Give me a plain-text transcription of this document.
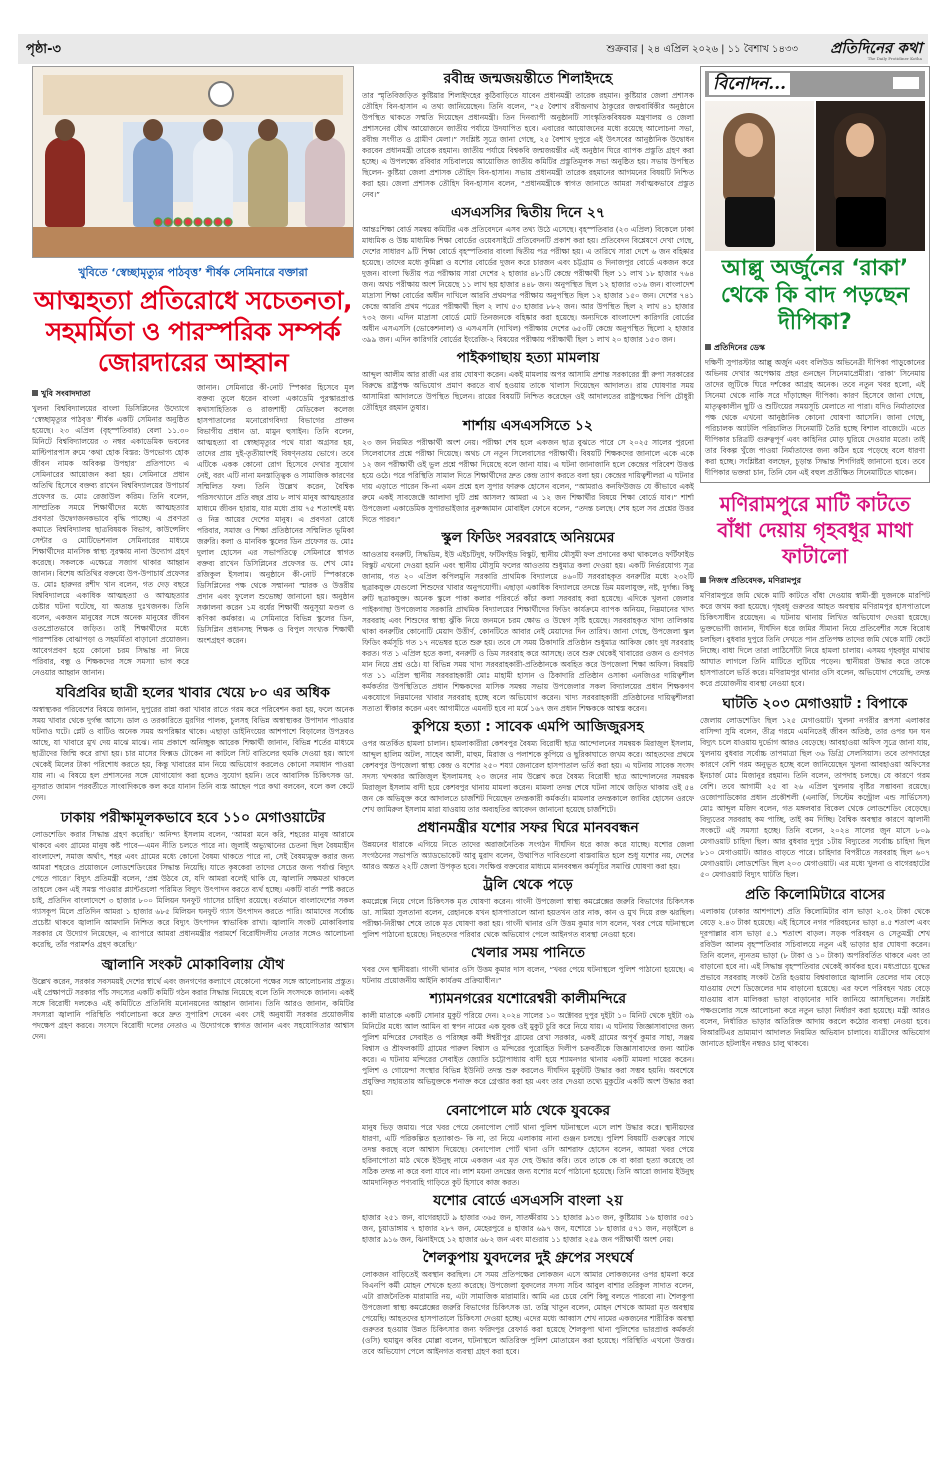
পৃষ্ঠা-৩	শুক্রবার | ২৪ এপ্রিল ২০২৬ | ১১ বৈশাখ ১৪৩৩ প্রতিদিনের কথা
The Daily Protidiner Kotha
খুবিতে ‘স্বেচ্ছামৃত্যুর পাঠবৃত্ত’ শীর্ষক সেমিনারে বক্তারা
আত্মহত্যা প্রতিরোধে সচেতনতা, সহমর্মিতা ও পারস্পরিক সম্পর্ক জোরদারের আহ্বান
খুবি সংবাদদাতা

খুলনা বিশ্ববিদ্যালয়ের বাংলা ডিসিপ্লিনের উদ্যোগে ‘স্বেচ্ছামৃত্যুর পাঠবৃত্ত’ শীর্ষক একটি সেমিনার অনুষ্ঠিত হয়েছে। ২৩ এপ্রিল (বৃহস্পতিবার) বেলা ১১.৩০ মিনিটে বিশ্ববিদ্যালয়ের ৩ নম্বর একাডেমিক ভবনের মাল্টিপারপাস রুমে ‘কথা হোক বিস্তর: উপভোগ্য হোক জীবন নামক অবিকল্প উপহার’ প্রতিপাদ্যে এ সেমিনারের আয়োজন করা হয়। সেমিনারে প্রধান অতিথি হিসেবে বক্তব্য রাখেন বিশ্ববিদ্যালয়ের উপাচার্য প্রফেসর ড. মোঃ রেজাউল করিম। তিনি বলেন, সাম্প্রতিক সময়ে শিক্ষার্থীদের মধ্যে আত্মহত্যার প্রবণতা উদ্বেগজনকভাবে বৃদ্ধি পাচ্ছে। এ প্রবণতা কমাতে বিশ্ববিদ্যালয় ছাত্রবিষয়ক বিভাগ, কাউন্সেলিং সেন্টার ও মোটিভেশনাল সেমিনারের মাধ্যমে শিক্ষার্থীদের মানসিক স্বাস্থ্য সুরক্ষায় নানা উদ্যোগ গ্রহণ করেছে। সকলকে এক্ষেত্রে সজাগ থাকার আহ্বান জানান। বিশেষ অতিথির বক্তব্যে উপ-উপাচার্য প্রফেসর ড. মোঃ হারুনর রশীদ খান বলেন, গত দেড় বছরে বিশ্ববিদ্যালয়ে একাধিক আত্মহত্যা ও আত্মহত্যার চেষ্টার ঘটনা ঘটেছে, যা অত্যন্ত দুঃখজনক। তিনি বলেন, একজন মানুষের সঙ্গে অনেক মানুষের জীবন ওতপ্রোতভাবে জড়িত। তাই শিক্ষার্থীদের মধ্যে পারস্পরিক বোঝাপড়া ও সহমর্মিতা বাড়ানো প্রয়োজন। আবেগপ্রবণ হয়ে কোনো চরম সিদ্ধান্ত না নিয়ে পরিবার, বন্ধু ও শিক্ষকদের সঙ্গে সমস্যা ভাগ করে নেওয়ার আহ্বান জানান।

জানান। সেমিনারে কী-নোট স্পিকার হিসেবে মূল বক্তব্য তুলে ধরেন বাংলা একাডেমি পুরস্কারপ্রাপ্ত কথাসাহিত্যিক ও রাজশাহী মেডিকেল কলেজ হাসপাতালের মনোরোগবিদ্যা বিভাগের প্রাক্তন বিভাগীয় প্রধান ডা. মামুন হুসাইন। তিনি বলেন, আত্মহত্যা বা স্বেচ্ছামৃত্যুর পথে যারা অগ্রসর হয়, তাদের প্রায় দুই-তৃতীয়াংশই বিষণ্নতায় ভোগে। তবে এটিকে একক কোনো রোগ হিসেবে দেখার সুযোগ নেই, বরং এটি নানা মনস্তাত্ত্বিক ও সামাজিক কারণের সম্মিলিত ফল। তিনি উল্লেখ করেন, বৈশ্বিক পরিসংখ্যানে প্রতি বছর প্রায় ৮ লাখ মানুষ আত্মহত্যার মাধ্যমে জীবন হারায়, যার মধ্যে প্রায় ৭৫ শতাংশই মধ্য ও নিম্ন আয়ের দেশের মানুষ। এ প্রবণতা রোধে পরিবার, সমাজ ও শিক্ষা প্রতিষ্ঠানের সম্মিলিত ভূমিকা জরুরি। কলা ও মানবিক স্কুলের ডিন প্রফেসর ড. মোঃ দুলাল হোসেন এর সভাপতিত্বে সেমিনারে স্বাগত বক্তব্য রাখেন ডিসিপ্লিনের প্রফেসর ড. শেখ মোঃ রজিকুল ইসলাম। অনুষ্ঠানে কী-নোট স্পিকারকে ডিসিপ্লিনের পক্ষ থেকে সম্মাননা স্মারক ও উত্তরীয় প্রদান এবং ফুলেল শুভেচ্ছা জানানো হয়। অনুষ্ঠান সঞ্চালনা করেন ১ম বর্ষের শিক্ষার্থী অনুসূয়া মণ্ডল ও কণিকা কর্মকার। এ সেমিনারে বিভিন্ন স্কুলের ডিন, ডিসিপ্লিন প্রধানসহ শিক্ষক ও বিপুল সংখ্যক শিক্ষার্থী অংশগ্রহণ করেন।

যবিপ্রবির ছাত্রী হলের খাবার খেয়ে ৮০ এর অধিক

অস্বাস্থ্যকর পরিবেশের বিষয়ে জানান, দুপুরের রান্না করা খাবার রাতে গরম করে পরিবেশন করা হয়, ফলে অনেক সময় খাবার থেকে দুর্গন্ধ আসে। ডাল ও তরকারিতে মুরগির পালক, চুলসহ বিভিন্ন অস্বাস্থ্যকর উপাদান পাওয়ার ঘটনাও ঘটে। প্লেট ও বাটিও অনেক সময় অপরিষ্কার থাকে। এছাড়া ডাইনিংয়ের আশপাশে বিড়ালের উপদ্রবও আছে, যা খাবারে মুখ দেয় মাঝে মাঝে। নাম প্রকাশে অনিচ্ছুক আরেক শিক্ষার্থী জানান, বিভিন্ন শর্তের মাধ্যমে ছাত্রীদের জিম্মি করে রাখা হয়। চার মাসের ফিক্সড টোকেন না কাটলে সিট বাতিলের হুমকি দেওয়া হয়। আগে থেকেই মিলের টাকা পরিশোধ করতে হয়, কিন্তু খাবারের মান নিয়ে অভিযোগ করলেও কোনো সমাধান পাওয়া যায় না। এ বিষয়ে হল প্রশাসনের সঙ্গে যোগাযোগ করা হলেও সুযোগ হয়নি। তবে আবাসিক চিকিৎসক ডা. নুসরাত জামান পরবর্তীতে সাংবাদিককে কল করে যানান তিনি ব্যস্ত আছেন পরে কথা বলবেন, বলে কল কেটে দেন।

ঢাকায় পরীক্ষামূলকভাবে হবে ১১০ মেগাওয়াটের

লোডশেডিং করার সিদ্ধান্ত গ্রহণ করেছি।’ অনিন্দ্য ইসলাম বলেন, ‘আমরা মনে করি, শহরের মানুষ আরামে থাকবে এবং গ্রামের মানুষ কষ্ট পাবে—এমন নীতি চলতে পারে না। জুলাই অভ্যুত্থানের চেতনা ছিল বৈষম্যহীন বাংলাদেশ, সমাজ অর্থাৎ, শহর এবং গ্রামের মধ্যে কোনো বৈষম্য থাকতে পারে না, সেই বৈষম্যমুক্ত করার জন্য আমরা শহরেও প্রয়োজনে লোডশেডিংয়ের সিদ্ধান্ত নিয়েছি। যাতে কৃষকেরা তাদের সেচের জন্য পর্যাপ্ত বিদ্যুৎ পেতে পারে।’ বিদ্যুৎ প্রতিমন্ত্রী বলেন, ‘প্রশ্ন উঠবে যে, যদি আমরা বলেই থাকি যে, জ্বালানি সক্ষমতা থাকলে তাহলে কেন এই সমস্ত পাওয়ার প্ল্যান্টগুলো পরিমিত বিদ্যুৎ উৎপাদন করতে ব্যর্থ হচ্ছে। একটি বার্তা স্পষ্ট করতে চাই, প্রতিদিন বাংলাদেশে ৩ হাজার ৮০০ মিলিয়ন ঘনফুট গ্যাসের চাহিদা রয়েছে। বর্তমানে বাংলাদেশের সকল গ্যাসকূপ মিলে প্রতিদিন আমরা ১ হাজার ৬৮৫ মিলিয়ন ঘনফুট গ্যাস উৎপাদন করতে পারি। আমাদের সর্বোচ্চ প্রচেষ্টা থাকবে জ্বালানি আমদানি নিশ্চিত করে বিদ্যুৎ উৎপাদন স্বাভাবিক রাখা। জ্বালানি সংকট মোকাবিলায় সরকার যে উদ্যোগ নিয়েছেন, এ ব্যাপারে আমরা প্রধানমন্ত্রীর পরামর্শে বিরোধীদলীয় নেতার সঙ্গেও আলোচনা করেছি, তাঁর পরামর্শও গ্রহণ করেছি।’

জ্বালানি সংকট মোকাবিলায় যৌথ

উল্লেখ করেন, সরকার সবসময়ই দেশের স্বার্থে এবং জনগণের কল্যাণে যেকোনো পক্ষের সঙ্গে আলোচনায় প্রস্তুত। এই প্রেক্ষাপটে সরকার পাঁচ সদস্যের একটি কমিটি গঠন করার সিদ্ধান্ত নিয়েছে বলে তিনি সংসদকে জানান। একই সঙ্গে বিরোধী দলকেও এই কমিটিতে প্রতিনিধি মনোনয়নের আহ্বান জানান। তিনি আরও জানান, কমিটির সদস্যরা জ্বালানি পরিস্থিতি পর্যালোচনা করে দ্রুত সুপারিশ দেবেন এবং সেই অনুযায়ী সরকার প্রয়োজনীয় পদক্ষেপ গ্রহণ করবে। সংসদে বিরোধী দলের নেতাও এ উদ্যোগকে স্বাগত জানান এবং সহযোগিতার আশ্বাস দেন।

রবীন্দ্র জন্মজয়ন্তীতে শিলাইদহে

তার স্মৃতিবিজড়িত কুষ্টিয়ার শিলাইদহের কুঠিবাড়িতে যাবেন প্রধানমন্ত্রী তারেক রহমান। কুষ্টিয়ার জেলা প্রশাসক তৌহিদ বিন-হাসান এ তথ্য জানিয়েছেন। তিনি বলেন, “২৫ বৈশাখ রবীন্দ্রনাথ ঠাকুরের জন্মবার্ষিকীর অনুষ্ঠানে উপস্থিত থাকতে সম্মতি দিয়েছেন প্রধানমন্ত্রী। তিন দিনব্যাপী অনুষ্ঠানটি সাংস্কৃতিকবিষয়ক মন্ত্রণালয় ও জেলা প্রশাসনের যৌথ আয়োজনে জাতীয় পর্যায়ে উদযাপিত হবে। এবারের আয়োজনের মধ্যে রয়েছে আলোচনা সভা, রবীন্দ্র সংগীত ও গ্রামীণ মেলা।” সংশ্লিষ্ট সূত্রে জানা গেছে, ২৫ বৈশাখ দুপুরে এই উৎসবের আনুষ্ঠানিক উদ্বোধন করবেন প্রধানমন্ত্রী তারেক রহমান। জাতীয় পর্যায়ে বিশ্বকবি জন্মজয়ন্তীর এই অনুষ্ঠান ঘিরে ব্যাপক প্রস্তুতি গ্রহণ করা হচ্ছে। এ উপলক্ষ্যে রবিবার সচিবালয়ে আয়োজিত জাতীয় কমিটির প্রস্তুতিমূলক সভা অনুষ্ঠিত হয়। সভায় উপস্থিত ছিলেন- কুষ্টিয়া জেলা প্রশাসক তৌহিদ বিন-হাসান। সভায় প্রধানমন্ত্রী তারেক রহমানের আগমনের বিষয়টি নিশ্চিত করা হয়। জেলা প্রশাসক তৌহিদ বিন-হাসান বলেন, “প্রধানমন্ত্রীকে স্বাগত জানাতে আমরা সর্বাত্মকভাবে প্রস্তুত নেব।”

এসএসসির দ্বিতীয় দিনে ২৭

আন্তঃশিক্ষা বোর্ড সমন্বয় কমিটির এক প্রতিবেদনে এসব তথ্য উঠে এসেছে। বৃহস্পতিবার (২৩ এপ্রিল) বিকেলে ঢাকা মাধ্যমিক ও উচ্চ মাধ্যমিক শিক্ষা বোর্ডের ওয়েবসাইটে প্রতিবেদনটি প্রকাশ করা হয়। প্রতিবেদন বিশ্লেষণে দেখা গেছে, দেশের সাধারণ ৯টি শিক্ষা বোর্ডে বৃহস্পতিবার বাংলা দ্বিতীয় পত্র পরীক্ষা হয়। এ তারিখে সারা দেশে ৬ জন বহিষ্কার হয়েছে। তাদের মধ্যে কুমিল্লা ও যশোর বোর্ডের দুজন করে চারজন এবং চট্টগ্রাম ও দিনাজপুর বোর্ডে একজন করে দুজন। বাংলা দ্বিতীয় পত্র পরীক্ষায় সারা দেশের ২ হাজার ৪৮১টি কেন্দ্রে পরীক্ষার্থী ছিল ১১ লাখ ১৮ হাজার ৭৬৪ জন। অথচ পরীক্ষায় অংশ নিয়েছে ১১ লাখ ছয় হাজার ৪৪৮ জন। অনুপস্থিত ছিল ১২ হাজার ৩১৬ জন। বাংলাদেশ মাদ্রাসা শিক্ষা বোর্ডের অধীন দাখিলে আরবি প্রথমপত্র পরীক্ষায় অনুপস্থিত ছিল ১২ হাজার ১৫০ জন। দেশের ৭৪১ কেন্দ্রে আরবি প্রথম পত্রের পরীক্ষার্থী ছিল ২ লাখ ৫৩ হাজার ৮৮২ জন। আর উপস্থিত ছিল ২ লাখ ৪১ হাজার ৭৩২ জন। এদিন মাদ্রাসা বোর্ডে মোট তিনজনকে বহিষ্কার করা হয়েছে। অন্যদিকে বাংলাদেশ কারিগরি বোর্ডের অধীন এসএসসি (ভোকেশনাল) ও এসএসসি (দাখিল) পরীক্ষায় দেশের ৬৫৩টি কেন্দ্রে অনুপস্থিত ছিলো ২ হাজার ৩৯৯ জন। এদিন কারিগরি বোর্ডের ইংরেজি-২ বিষয়ের পরীক্ষায় পরীক্ষার্থী ছিল ১ লাখ ২০ হাজার ১৫৩ জন।

পাইকগাছায় হত্যা মামলায়

আব্দুল আলীম আর রাজী এর রায় ঘোষণা করেন। একই মামলায় অপর আসামি প্রশান্ত সরকারের স্ত্রী রুপা সরকারের বিরুদ্ধে রাষ্ট্রপক্ষ অভিযোগ প্রমাণ করতে ব্যর্থ হওয়ায় তাকে খালাস দিয়েছেন আদালত। রায় ঘোষণার সময় আসামিরা আদালতে উপস্থিত ছিলেন। রায়ের বিষয়টি নিশ্চিত করেছেন ওই আদালতের রাষ্ট্রপক্ষের পিপি চৌধুরী তৌহিদুর রহমান তুষার।

শার্শায় এসএসসিতে ১২

২৩ জন নিয়মিত পরীক্ষার্থী অংশ নেয়। পরীক্ষা শেষ হলে একজন ছাত্র বুঝতে পারে সে ২০২৫ সালের পুরনো সিলেবাসের প্রশ্নে পরীক্ষা দিয়েছে। অথচ সে নতুন সিলেবাসের পরীক্ষার্থী। বিষয়টি শিক্ষকদের জানালে একে একে ১২ জন পরীক্ষার্থী ওই ভুল প্রশ্নে পরীক্ষা দিয়েছে বলে জানা যায়। এ ঘটনা জানাজানি হলে কেন্দ্রের পরিবেশ উত্তপ্ত হয়ে ওঠে। পরে পরিস্থিতি সামাল দিতে শিক্ষার্থীদের দ্রুত কেন্দ্র ত্যাগ করতে বলা হয়। কেন্দ্রের দায়িত্বশীলরা এ ঘটনার দায় এড়াতে পারেন কি-না এমন প্রশ্নে হল সুপার ফারুক হোসেন বলেন, “আমরাও কনফিউজড যে কীভাবে একই রুমে একই সাবজেক্টে আলাদা দুটি প্রশ্ন আসল? আমরা এ ১২ জন শিক্ষার্থীর বিষয়ে শিক্ষা বোর্ডে যাব।” শার্শা উপজেলা একাডেমিক সুপারভাইজার নুরুজ্জামান মোবাইল ফোনে বলেন, “তদন্ত চলছে। শেষ হলে সব প্রশ্নের উত্তর দিতে পারব।”

স্কুল ফিডিং সরবরাহে অনিয়মের

আওতায় বনরুটি, সিদ্ধডিম, ইউ এইচটিদুধ, ফর্টিফাইড বিস্কুট, স্থানীয় মৌসুমী ফল প্রদানের কথা থাকলেও ফর্টিফাইড বিস্কুট এখনো দেওয়া হয়নি এবং স্থানীয় মৌসুমি ফলের আওতায় শুধুমাত্র কলা দেওয়া হয়। একটি নির্ভরযোগ্য সূত্র জানায়, গত ২০ এপ্রিল কপিলমুনি সরকারি প্রাথমিক বিদ্যালয়ে ৪৬০টি সরবরাহকৃত বনরুটির মধ্যে ২৩২টি ছত্রাকযুক্ত যেগুলো শিশুদের খাবার অনুপযোগী। এছাড়া একাধিক বিদ্যালয়ে তদন্তে ডিম ময়লাযুক্ত, নষ্ট, দুর্গন্ধ। কিছু রুটি ছত্রাকযুক্ত। অনেক স্কুলে পাকা কলার পরিবর্তে কাঁচা কলা সরবরাহ করা হয়েছে। এদিকে খুলনা জেলার পাইকগাছা উপজেলায় সরকারি প্রাথমিক বিদ্যালয়ের শিক্ষার্থীদের ফিডিং কার্যক্রমে ব্যাপক অনিয়ম, নিম্নমানের খাদ্য সরবরাহ এবং শিশুদের স্বাস্থ্য ঝুঁকি নিয়ে জনমনে চরম ক্ষোভ ও উদ্বেগ সৃষ্টি হয়েছে। সরবরাহকৃত খাদ্য তালিকায় থাকা বনরুটির কোনোটি মেয়াদ উত্তীর্ণ, কোনটিতে আবার নেই মেয়াদের দিন তারিখ। জানা গেছে, উপজেলা স্কুল ফিডিং কর্মসূচি গত ১৭ নভেম্বর হতে শুরু হয়। তবে সে সময় ঠিকাদারি প্রতিষ্ঠান শুধুমাত্র আকিজ কোং দুধ সরবরাহ করত। গত ১ এপ্রিল হতে কলা, বনরুটি ও ডিম সরবরাহ করে আসছে। তবে শুরু থেকেই খাবারের ওজন ও গুণগত মান নিয়ে প্রশ্ন ওঠে। যা বিভিন্ন সময় খাদ্য সরবরাহকারী-প্রতিষ্ঠানকে অবহিত করে উপজেলা শিক্ষা অফিস। বিষয়টি গত ১১ এপ্রিল স্থানীয় সরবরাহকারী মোঃ মাহামী হাসান ও ঠিকাদারি প্রতিষ্ঠান ওসাকা এনজিওর দায়িত্বশীল কর্মকর্তার উপস্থিতিতে প্রধান শিক্ষকদের মাসিক সমন্বয় সভায় উপজেলার সকল বিদ্যালয়ের প্রধান শিক্ষকগণ একযোগে নিম্নমানের খাবার সরবরাহ হচ্ছে বলে অভিযোগ করেন। খাদ্য সরবরাহকারী প্রতিষ্ঠানের দায়িত্বশীলরা সত্যতা স্বীকার করেন এবং আগামীতে এমনটি হবে না মর্মে ১৬৭ জন প্রধান শিক্ষককে আশ্বস্ত করেন।

কুপিয়ে হত্যা : সাবেক এমপি আজিজুরসহ

ওপর অতর্কিত হামলা চালান। হামলাকারীরা কেশবপুর বৈষম্য বিরোধী ছাত্র আন্দোলনের সমন্বয়ক মিরাজুল ইসলাম, আব্দুল হালিম অটল, সাহেব আলী, মাহুম, মিরাজ ও পলাশকে কুপিয়ে ও ছুরিকাঘাতে জখম করে। আহতদের প্রথমে কেশবপুর উপজেলা স্বাস্থ্য কেন্দ্র ও যশোর ২৫০ শয্যা জেনারেল হাসপাতাল ভর্তি করা হয়। এ ঘটনায় সাবেক সংসদ সদস্য খন্দকার আজিজুল ইসলামসহ ২৩ জনের নাম উল্লেখ করে বৈষম্য বিরোধী ছাত্র আন্দোলনের সমন্বয়ক মিরাজুল ইসলাম বাদী হয়ে কেশবপুর থানায় মামলা করেন। মামলা তদন্ত শেষে ঘটনা সাথে জড়িত থাকায় ওই ৫৪ জন কে অভিযুক্ত করে আদালতে চার্জশিট দিয়েছেন তদন্তকারী কর্মকর্তা। মামলার তদন্তকালে জাবির হোসেন ওরফে শেখ জামিরুল ইসলাম মারা যাওয়ায় তার অব্যহতির আবেদন জানানো হয়েছে চার্জশিটে।

প্রধানমন্ত্রীর যশোর সফর ঘিরে মানববন্ধন

উন্নয়নের ধারাকে এগিয়ে নিতে তাদের অরাজনৈতিক সংগঠন দীর্ঘদিন ধরে কাজ করে যাচ্ছে। যশোর জেলা সংগঠনের সভাপতি অ্যাডভোকেট আবু মুরাদ বলেন, উত্থাপিত দাবিগুলো বাস্তবায়িত হলে শুধু যশোর নয়, দেশের আরও অন্তত ২২টি জেলা উপকৃত হবে। সংক্ষিপ্ত বক্তব্যের মাধ্যমে মানববন্ধন কর্মসূচির সমাপ্তি ঘোষণা করা হয়।

ট্রলি থেকে পড়ে

কমপ্লেক্সে নিয়ে গেলে চিকিৎসক মৃত ঘোষণা করেন। গাংনী উপজেলা স্বাস্থ্য কমপ্লেক্সের জরুরি বিভাগের চিকিৎসক ডা. সামিয়া সুলতানা বলেন, রেহানকে যখন হাসপাতালে আনা হয়তখন তার নাক, কান ও মুখ দিয়ে রক্ত ঝরছিল। পরীক্ষা-নিরীক্ষা শেষে তাকে মৃত ঘোষণা করা হয়। গাংনী থানার ওসি উত্তম কুমার দাস বলেন, খবর পেয়ে ঘটনাস্থলে পুলিশ পাঠানো হয়েছে। নিহতদের পরিবার থেকে অভিযোগ পেলে আইনগত ব্যবস্থা নেওয়া হবে।

খেলার সময় পানিতে

খবর দেন স্থানীয়রা। গাংনী থানার ওসি উত্তম কুমার দাস বলেন, “খবর পেয়ে ঘটনাস্থলে পুলিশ পাঠানো হয়েছে। এ ঘটনায় প্রয়োজনীয় আইনি কার্যক্রম প্রক্রিয়াধীন।”

শ্যামনগরের যশোরেশ্বরী কালীমন্দিরে

কালী মাতাকে একটি সোনার মুকুট পরিয়ে দেন। ২০২৪ সালের ১০ অক্টোবর দুপুর দুইটা ১০ মিনিট থেকে দুইটা ৩৯ মিনিটের মধ্যে আল আমিন বা স্বপন নামের এক যুবক ওই মুকুট চুরি করে নিয়ে যায়। এ ঘটনায় জিজ্ঞাসাবাদের জন্য পুলিশ মন্দিরের সেবাইত ও পরিচ্ছন্ন কর্মী ঈশ্বরীপুর গ্রামের রেখা সরকার, একই গ্রামের অপূর্ব কুমার সাহা, সঞ্জয় বিশ্বাস ও শ্রীফলকাটি গ্রামের পারুল বিশ্বাস ও মন্দিরের পুরোহিত দিলীপ চক্রবর্তীকে জিজ্ঞাসাবাদের জন্য আটক করে। এ ঘটনায় মন্দিরের সেবাইত জ্যোতি চট্টোপাধ্যায় বাদী হয়ে শ্যামনগর থানায় একটি মামলা দায়ের করেন। পুলিশ ও গোয়েন্দা সংস্থার বিভিন্ন ইউনিট তদন্ত শুরু করলেও দীর্ঘদিন মুকুটটি উদ্ধার করা সম্ভব হয়নি। অবশেষে প্রযুক্তির সহায়তায় অভিযুক্তকে শনাক্ত করে গ্রেপ্তার করা হয় এবং তার দেওয়া তথ্যে মুকুটের একটি অংশ উদ্ধার করা হয়।

বেনাপোলে মাঠ থেকে যুবকের

মানুষ ভিড় জমায়। পরে খবর পেয়ে বেনাপোল পোর্ট থানা পুলিশ ঘটনাস্থলে এসে লাশ উদ্ধার করে। স্থানীয়দের ধারণা, এটি পরিকল্পিত হত্যাকাণ্ড- কি না, তা নিয়ে এলাকায় নানা গুঞ্জন চলছে। পুলিশ বিষয়টি গুরুত্বের সাথে তদন্ত করছে বলে আশ্বাস দিয়েছে। বেনাপোল পোর্ট থানা ওসি আশরাফ হোসেন বলেন, আমরা খবর পেয়ে হরিনাপোতা মাঠ থেকে ইউনুছ নামে একজন এর মৃত দেহ উদ্ধার করি। তবে তাকে কে বা কারা হত্যা করেছে তা সঠিক তদন্ত না করে বলা যাবে না। লাশ ময়না তদন্তের জন্য যশোর মর্গে পাঠানো হয়েছে। তিনি আরো জানায় ইউনুছ আমদানিকৃত পণ্যবাহি গাড়িতে কুট হিসাবে কাজ করত।

যশোর বোর্ডে এসএসসি বাংলা ২য়

হাজার ২৫১ জন, বাগেরহাটে ৯ হাজার ৩৬৫ জন, সাতক্ষীরায় ১১ হাজার ৯১৩ জন, কুষ্টিয়ায় ১৬ হাজার ৩৫১ জন, চুয়াডাঙ্গায় ৭ হাজার ২৮৭ জন, মেহেরপুরে ৪ হাজার ৬৯৭ জন, যশোরে ১৮ হাজার ৫৭১ জন, নড়াইলে ৪ হাজার ৯১৬ জন, ঝিনাইদহে ১২ হাজার ৬৮২ জন এবং মাগুরায় ১১ হাজার ২৫৯ জন পরীক্ষার্থী অংশ নেয়।

শৈলকুপায় যুবদলের দুই গ্রুপের সংঘর্ষে

লোকজন বাড়িতেই অবস্থান করছিল। সে সময় প্রতিপক্ষের লোকজন এসে আমার লোকজনের ওপর হামলা করে বিএনপি কর্মী মোহন শেখকে হত্যা করেছে। উপজেলা যুবদলের সদস্য সচিব আবুল বাশার তরিকুল সাদাত বলেন, এটা রাজনৈতিক মারামারি নয়, এটা সামাজিক মারামারি। আমি এর চেয়ে বেশি কিছু বলতে পারবো না। শৈলকুপা উপজেলা স্বাস্থ্য কমপ্লেক্সের জরুরি বিভাগের চিকিৎসক ডা. তন্ত্রি খাতুন বলেন, মোহন শেখকে আমরা মৃত অবস্থায় পেয়েছি। আহতদের হাসপাতালে চিকিৎসা দেওয়া হচ্ছে। এদের মধ্যে আব্বাস শেখ নামের একজনের শারীরিক অবস্থা গুরুতর হওয়ায় উন্নত চিকিৎসার জন্য ফরিদপুর রেফার্ড করা হয়েছে শৈলকুপা থানা পুলিশের ভারপ্রাপ্ত কর্মকর্তা (ওসি) হুমায়ুন কবির মোল্লা বলেন, ঘটনাস্থলে অতিরিক্ত পুলিশ মোতায়েন করা হয়েছে। পরিস্থিতি এখনো উত্তপ্ত। তবে অভিযোগ পেলে আইনগত ব্যবস্থা গ্রহণ করা হবে।

বিনোদন...
আল্লু অর্জুনের ‘রাকা’ থেকে কি বাদ পড়ছেন দীপিকা?
প্রতিদিনের ডেস্ক

দক্ষিণী সুপারস্টার আল্লু অর্জুন এবং বলিউড অভিনেত্রী দীপিকা পাড়ুকোনের অভিনয় দেখার অপেক্ষায় প্রহর গুনছেন সিনেমাপ্রেমীরা। ‘রাকা’ সিনেমায় তাদের জুটিকে ঘিরে দর্শকের আগ্রহ অনেক। তবে নতুন খবর হলো, এই সিনেমা থেকে নাকি সরে দাঁড়াচ্ছেন দীপিকা। কারণ হিসেবে জানা গেছে, মাতৃত্বকালীন ছুটি ও শুটিংয়ের সময়সূচি মেলাতে না পারা। যদিও নির্মাতাদের পক্ষ থেকে এখনো আনুষ্ঠানিক কোনো ঘোষণা আসেনি। জানা গেছে, পরিচালক অ্যাটলি পরিচালিত সিনেমাটি তৈরি হচ্ছে বিশাল বাজেটে। এতে দীপিকার চরিত্রটি গুরুত্বপূর্ণ এবং কাহিনির মোড় ঘুরিয়ে দেওয়ার মতো। তাই তার বিকল্প খুঁজে পাওয়া নির্মাতাদের জন্য কঠিন হয়ে পড়েছে বলে ধারণা করা হচ্ছে। সংশ্লিষ্টরা বলছেন, চূড়ান্ত সিদ্ধান্ত শিগগিরই জানানো হবে। তবে দীপিকার ভক্তরা চান, তিনি যেন এই বহুল প্রতীক্ষিত সিনেমাটিতে থাকেন।

মণিরামপুরে মাটি কাটতে বাঁধা দেয়ায় গৃহবধূর মাথা ফাটালো
নিজস্ব প্রতিবেদক, মণিরামপুর

মণিরামপুরে জমি থেকে মাটি কাটতে বাঁধা দেওয়ায় স্বামী-স্ত্রী দুজনকে মারপিট করে জখম করা হয়েছে। গৃহবধূ গুরুতর আহত অবস্থায় মণিরামপুর হাসপাতালে চিকিৎসাধীন রয়েছেন। এ ঘটনায় থানায় লিখিত অভিযোগ দেওয়া হয়েছে। ভুক্তভোগী জানান, দীর্ঘদিন ধরে জমির সীমানা নিয়ে প্রতিবেশীর সঙ্গে বিরোধ চলছিল। বুধবার দুপুরে তিনি দেখতে পান প্রতিপক্ষ তাদের জমি থেকে মাটি কেটে নিচ্ছে। বাধা দিলে তারা লাঠিসোঁটা নিয়ে হামলা চালায়। এসময় গৃহবধূর মাথায় আঘাত লাগলে তিনি মাটিতে লুটিয়ে পড়েন। স্থানীয়রা উদ্ধার করে তাকে হাসপাতালে ভর্তি করে। মণিরামপুর থানার ওসি বলেন, অভিযোগ পেয়েছি, তদন্ত করে প্রয়োজনীয় ব্যবস্থা নেওয়া হবে।

ঘাটতি ২০৩ মেগাওয়াট : বিপাকে

জেলায় লোডশেডিং ছিল ১২৫ মেগাওয়াট। খুলনা নগরীর রূপসা এলাকার বাসিন্দা সুমি বলেন, তীব্র গরমে এমনিতেই জীবন অতিষ্ঠ, তার ওপর ঘন ঘন বিদ্যুৎ চলে যাওয়ায় দুর্ভোগ আরও বেড়েছে। আবহাওয়া অফিস সূত্রে জানা যায়, খুলনায় বুধবার সর্বোচ্চ তাপমাত্রা ছিল ৩৬ ডিগ্রি সেলসিয়াস। তবে তাপদাহের কারণে বেশি গরম অনুভূত হচ্ছে বলে জানিয়েছেন খুলনা আবহাওয়া অফিসের ইনচার্জ মোঃ মিজানুর রহমান। তিনি বলেন, তাপদাহ চলছে। যে কারণে গরম বেশি। তবে আগামী ২৫ বা ২৬ এপ্রিল খুলনায় বৃষ্টির সম্ভাবনা রয়েছে। ওজোপাডিকোর প্রধান প্রকৌশলী (এনার্জি, সিস্টেম কন্ট্রোল এন্ড সার্ভিসেস) মোঃ আব্দুল মজিদ বলেন, গত মঙ্গলবার বিকেল থেকে লোডশেডিং বেড়েছে। বিদ্যুতের সরবরাহ কম পাচ্ছি, তাই কম দিচ্ছি। বৈশ্বিক অবস্থার কারণে জ্বালানী সংকটে এই সমস্যা হচ্ছে। তিনি বলেন, ২০২৪ সালের জুন মাসে ৮০৯ মেগাওয়াট চাহিদা ছিল। আর বুধবার দুপুর ১টায় বিদ্যুতের সর্বোচ্চ চাহিদা ছিল ৮১০ মেগাওয়াট। আরও বাড়তে পারে। চাহিদার বিপরীতে সরবরাহ ছিল ৬০৭ মেগাওয়াট। লোডশেডিং ছিল ২০৩ মেগাওয়াট। এর মধ্যে খুলনা ও বাগেরহাটের ৫০ মেগাওয়াট বিদ্যুৎ ঘাটতি ছিল।

প্রতি কিলোমিটারে বাসের

এলাকায় (ঢাকার আশপাশে) প্রতি কিলোমিটার বাস ভাড়া ২.৩২ টাকা থেকে বেড়ে ২.৪৩ টাকা হয়েছে। এই হিসেবে নগর পরিবহনের ভাড়া ৪.৫ শতাংশ এবং দূরপাল্লার বাস ভাড়া ৫.১ শতাংশ বাড়ল। সড়ক পরিবহন ও সেতুমন্ত্রী শেখ রবিউল আলম বৃহস্পতিবার সচিবালয়ে নতুন এই ভাড়ার হার ঘোষণা করেন। তিনি বলেন, ন্যূনতম ভাড়া (৮ টাকা ও ১০ টাকা) অপরিবর্তিত থাকবে এবং তা বাড়ানো হবে না। এই সিদ্ধান্ত বৃহস্পতিবার থেকেই কার্যকর হবে। মধ্যপ্রাচ্যে যুদ্ধের প্রভাবে সরবরাহ সংকট তৈরি হওয়ায় বিশ্ববাজারে জ্বালানি তেলের দাম বেড়ে যাওয়ায় দেশে ডিজেলের দাম বাড়ানো হয়েছে। এর ফলে পরিবহন খরচ বেড়ে যাওয়ায় বাস মালিকরা ভাড়া বাড়ানোর দাবি জানিয়ে আসছিলেন। সংশ্লিষ্ট পক্ষগুলোর সঙ্গে আলোচনা করে নতুন ভাড়া নির্ধারণ করা হয়েছে। মন্ত্রী আরও বলেন, নির্ধারিত ভাড়ার অতিরিক্ত আদায় করলে কঠোর ব্যবস্থা নেওয়া হবে। বিআরটিএর ভ্রাম্যমাণ আদালত নিয়মিত অভিযান চালাবে। যাত্রীদের অভিযোগ জানাতে হটলাইন নম্বরও চালু থাকবে।
